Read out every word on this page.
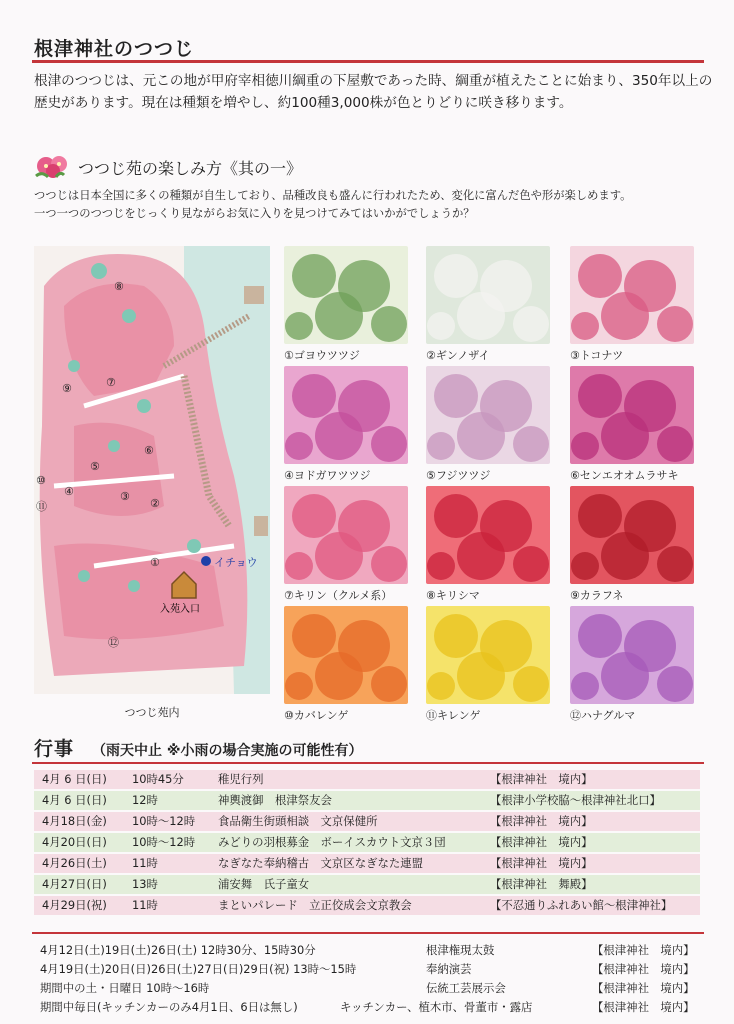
根津神社のつつじ
根津のつつじは、元この地が甲府宰相徳川綱重の下屋敷であった時、綱重が植えたことに始まり、350年以上の歴史があります。現在は種類を増やし、約100種3,000株が色とりどりに咲き移ります。
つつじ苑の楽しみ方《其の一》
つつじは日本全国に多くの種類が自生しており、品種改良も盛んに行われたため、変化に富んだ色や形が楽しめます。
一つ一つのつつじをじっくり見ながらお気に入りを見つけてみてはいかがでしょうか？
イチョウ
入苑入口
⑧
⑦
⑨
⑥
⑤
④	③
②
⑩
⑪
①
⑫
つつじ苑内
①ゴヨウツツジ	②ギンノザイ	③トコナツ
④ヨドガワツツジ	⑤フジツツジ	⑥センエオオムラサキ
⑦キリン（クルメ系）	⑧キリシマ	⑨カラフネ
⑩カバレンゲ	⑪キレンゲ	⑫ハナグルマ
行事 （雨天中止 ※小雨の場合実施の可能性有）
4月 6 日(日) 10時45分	稚児行列	【根津神社　境内】
4月 6 日(日) 12時	神輿渡御　根津祭友会	【根津小学校脇～根津神社北口】
4月18日(金) 10時～12時 食品衛生街頭相談　文京保健所	【根津神社　境内】
4月20日(日) 10時～12時 みどりの羽根募金　ボーイスカウト文京３団	【根津神社　境内】
4月26日(土) 11時	なぎなた奉納稽古　文京区なぎなた連盟	【根津神社　境内】
4月27日(日) 13時	浦安舞　氏子童女	【根津神社　舞殿】
4月29日(祝) 11時	まといパレード　立正佼成会文京教会	【不忍通りふれあい館～根津神社】
4月12日(土)19日(土)26日(土) 12時30分、15時30分	根津権現太鼓	【根津神社　境内】
4月19日(土)20日(日)26日(土)27日(日)29日(祝) 13時～15時	奉納演芸	【根津神社　境内】
期間中の土・日曜日 10時～16時	伝統工芸展示会	【根津神社　境内】
期間中毎日(キッチンカーのみ4月1日、6日は無し)	キッチンカー、植木市、骨董市・露店	【根津神社　境内】
